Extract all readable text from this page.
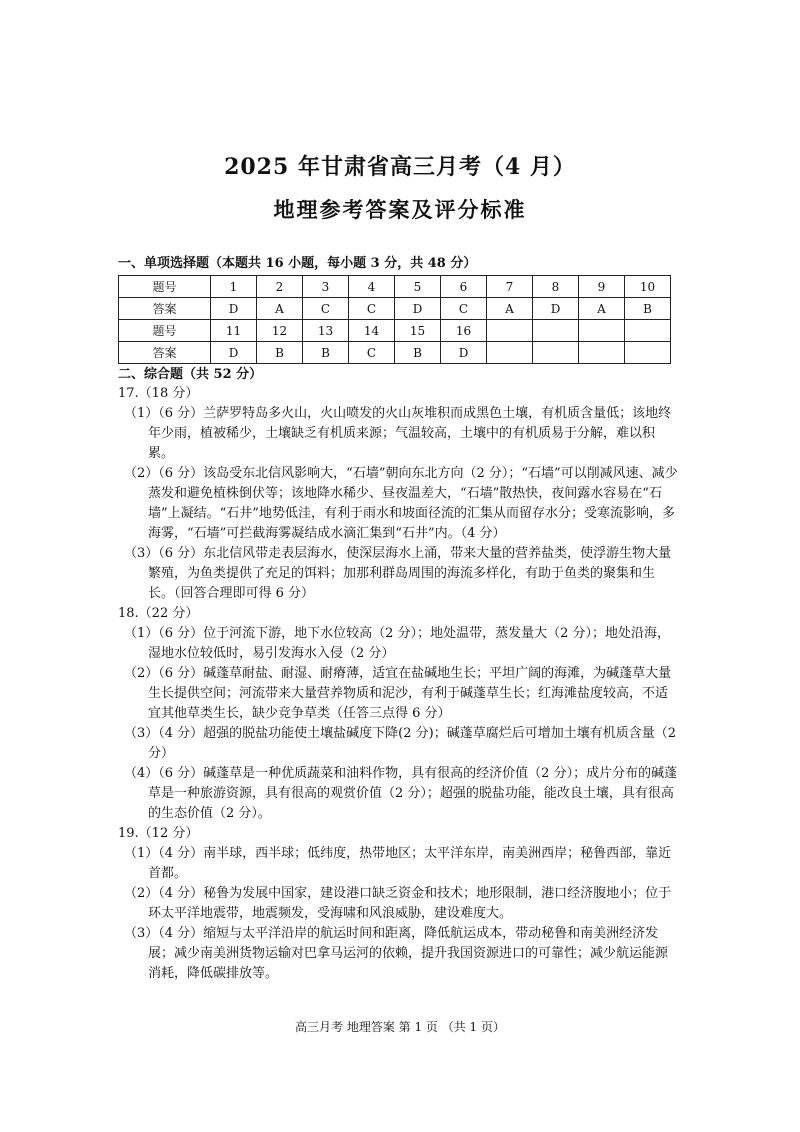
2025 年甘肃省高三月考（4 月）
地理参考答案及评分标准
一、单项选择题（本题共 16 小题，每小题 3 分，共 48 分）
题号	1	2	3	4	5	6	7	8	9	10
答案	D	A	C	C	D	C	A	D	A	B
题号	11	12	13	14	15	16				
答案	D	B	B	C	B	D				
二、综合题（共 52 分）
17.（18 分）
（1）（6 分）兰萨罗特岛多火山，火山喷发的火山灰堆积而成黑色土壤，有机质含量低；该地终年少雨，植被稀少，土壤缺乏有机质来源；气温较高，土壤中的有机质易于分解，难以积累。
（2）（6 分）该岛受东北信风影响大，“石墙”朝向东北方向（2 分）；“石墙”可以削减风速、减少蒸发和避免植株倒伏等；该地降水稀少、昼夜温差大，“石墙”散热快，夜间露水容易在“石墙”上凝结。“石井”地势低洼，有利于雨水和坡面径流的汇集从而留存水分；受寒流影响，多海雾，“石墙”可拦截海雾凝结成水滴汇集到“石井”内。（4 分）
（3）（6 分）东北信风带走表层海水，使深层海水上涌，带来大量的营养盐类，使浮游生物大量繁殖，为鱼类提供了充足的饵料；加那利群岛周围的海流多样化，有助于鱼类的聚集和生长。（回答合理即可得 6 分）
18.（22 分）
（1）（6 分）位于河流下游，地下水位较高（2 分）；地处温带，蒸发量大（2 分）；地处沿海，湿地水位较低时，易引发海水入侵（2 分）
（2）（6 分）碱蓬草耐盐、耐湿、耐瘠薄，适宜在盐碱地生长；平坦广阔的海滩，为碱蓬草大量生长提供空间；河流带来大量营养物质和泥沙，有利于碱蓬草生长；红海滩盐度较高，不适宜其他草类生长，缺少竞争草类（任答三点得 6 分）
（3）（4 分）超强的脱盐功能使土壤盐碱度下降(2 分)；碱蓬草腐烂后可增加土壤有机质含量（2 分）
（4）（6 分）碱蓬草是一种优质蔬菜和油料作物，具有很高的经济价值（2 分）；成片分布的碱蓬草是一种旅游资源，具有很高的观赏价值（2 分）；超强的脱盐功能，能改良土壤，具有很高的生态价值（2 分）。
19.（12 分）
（1）（4 分）南半球，西半球；低纬度，热带地区；太平洋东岸，南美洲西岸；秘鲁西部，靠近首都。
（2）（4 分）秘鲁为发展中国家，建设港口缺乏资金和技术；地形限制，港口经济腹地小；位于环太平洋地震带，地震频发，受海啸和风浪威胁，建设难度大。
（3）（4 分）缩短与太平洋沿岸的航运时间和距离，降低航运成本，带动秘鲁和南美洲经济发展；减少南美洲货物运输对巴拿马运河的依赖，提升我国资源进口的可靠性；减少航运能源消耗，降低碳排放等。
高三月考 地理答案 第 1 页 （共 1 页）
